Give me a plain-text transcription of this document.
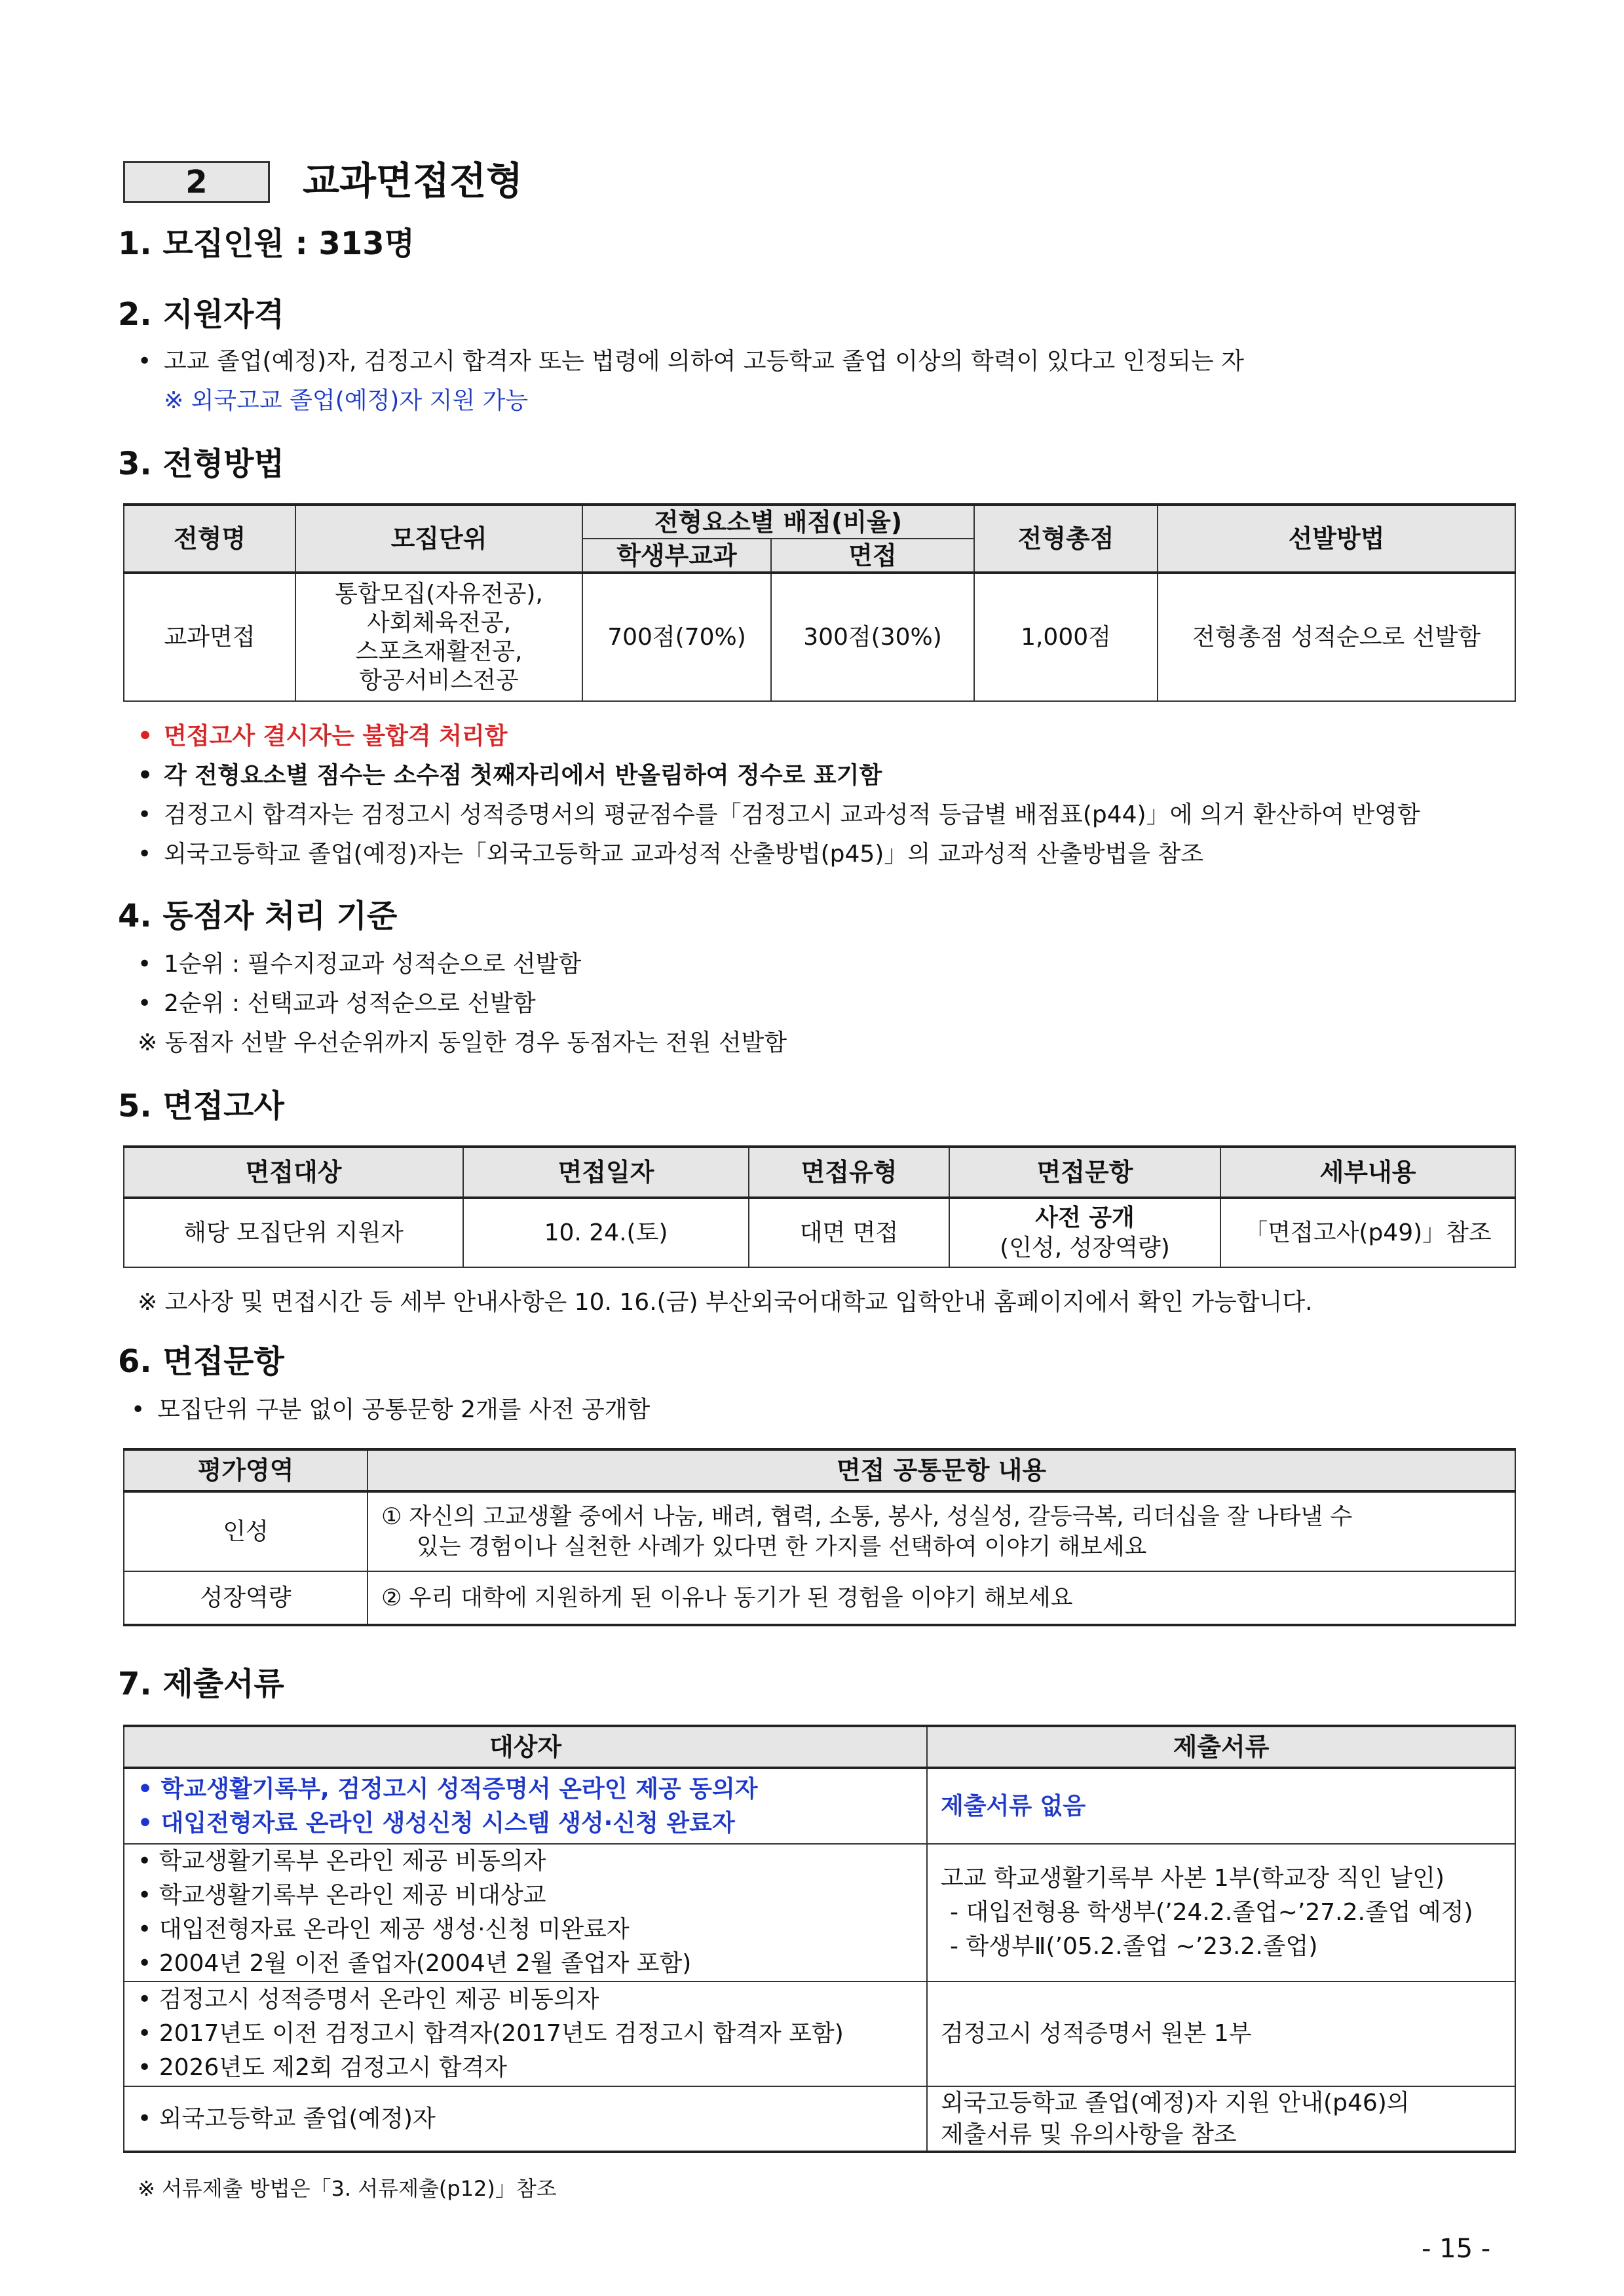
2	교과면접전형
1. 모집인원 : 313명
2. 지원자격
• 고교 졸업(예정)자, 검정고시 합격자 또는 법령에 의하여 고등학교 졸업 이상의 학력이 있다고 인정되는 자
※ 외국고교 졸업(예정)자 지원 가능
3. 전형방법
전형명	모집단위	전형요소별 배점(비율)		전형총점	선발방법
		학생부교과	면접		
교과면접	통합모집(자유전공),
사회체육전공,
스포츠재활전공,
항공서비스전공	700점(70%)	300점(30%)	1,000점	전형총점 성적순으로 선발함
• 면접고사 결시자는 불합격 처리함
• 각 전형요소별 점수는 소수점 첫째자리에서 반올림하여 정수로 표기함
• 검정고시 합격자는 검정고시 성적증명서의 평균점수를「검정고시 교과성적 등급별 배점표(p44)」에 의거 환산하여 반영함
• 외국고등학교 졸업(예정)자는「외국고등학교 교과성적 산출방법(p45)」의 교과성적 산출방법을 참조
4. 동점자 처리 기준
• 1순위 : 필수지정교과 성적순으로 선발함
• 2순위 : 선택교과 성적순으로 선발함
※ 동점자 선발 우선순위까지 동일한 경우 동점자는 전원 선발함
5. 면접고사
면접대상	면접일자	면접유형	면접문항	세부내용
해당 모집단위 지원자	10. 24.(토)	대면 면접	사전 공개
(인성, 성장역량)	「면접고사(p49)」참조
※ 고사장 및 면접시간 등 세부 안내사항은 10. 16.(금) 부산외국어대학교 입학안내 홈페이지에서 확인 가능합니다.
6. 면접문항
• 모집단위 구분 없이 공통문항 2개를 사전 공개함
평가영역	면접 공통문항 내용
인성	① 자신의 고교생활 중에서 나눔, 배려, 협력, 소통, 봉사, 성실성, 갈등극복, 리더십을 잘 나타낼 수
있는 경험이나 실천한 사례가 있다면 한 가지를 선택하여 이야기 해보세요

성장역량	② 우리 대학에 지원하게 된 이유나 동기가 된 경험을 이야기 해보세요
7. 제출서류
대상자	제출서류

• 학교생활기록부, 검정고시 성적증명서 온라인 제공 동의자
• 대입전형자료 온라인 생성신청 시스템 생성·신청 완료자	제출서류 없음

• 학교생활기록부 온라인 제공 비동의자
• 학교생활기록부 온라인 제공 비대상교
• 대입전형자료 온라인 제공 생성·신청 미완료자
• 2004년 2월 이전 졸업자(2004년 2월 졸업자 포함)	고교 학교생활기록부 사본 1부(학교장 직인 날인)
- 대입전형용 학생부(’24.2.졸업~’27.2.졸업 예정)
- 학생부Ⅱ(’05.2.졸업 ~’23.2.졸업)

• 검정고시 성적증명서 온라인 제공 비동의자
• 2017년도 이전 검정고시 합격자(2017년도 검정고시 합격자 포함)
• 2026년도 제2회 검정고시 합격자	검정고시 성적증명서 원본 1부
• 외국고등학교 졸업(예정)자	외국고등학교 졸업(예정)자 지원 안내(p46)의
제출서류 및 유의사항을 참조
※ 서류제출 방법은「3. 서류제출(p12)」참조
- 15 -
